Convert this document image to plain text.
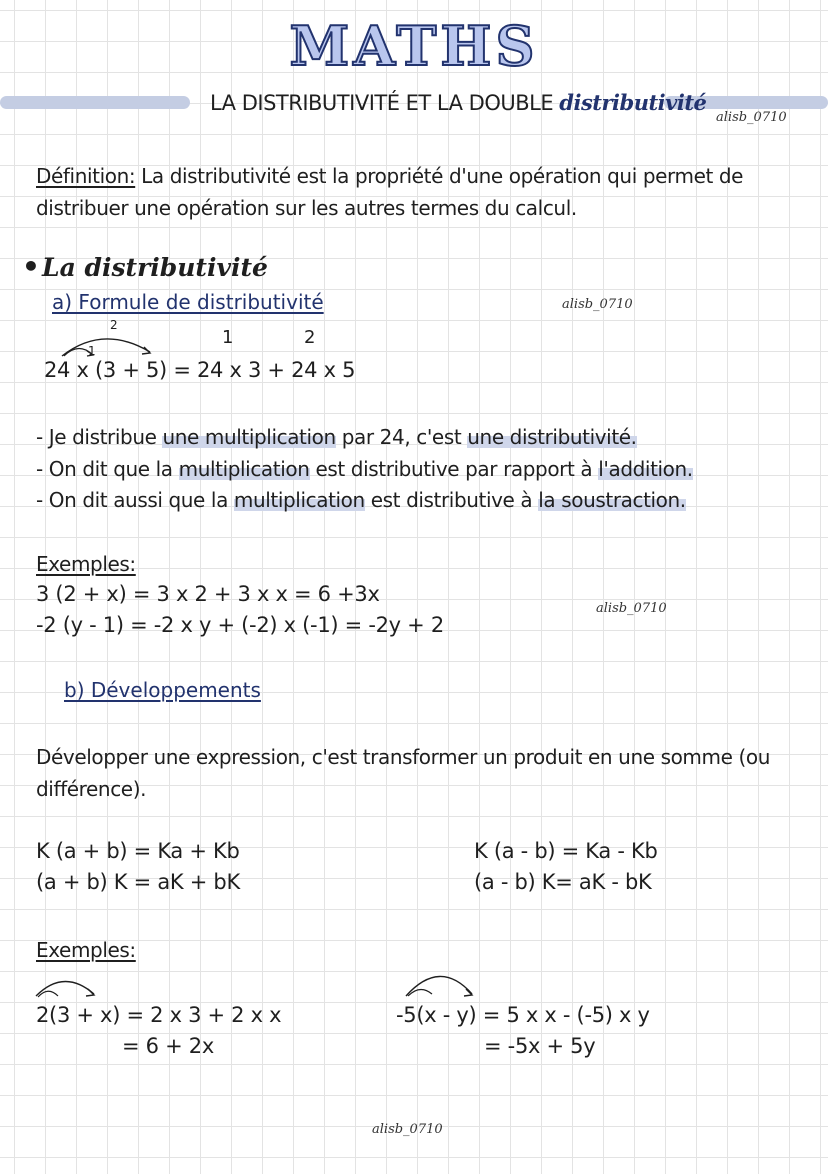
MATHS
LA DISTRIBUTIVITÉ ET LA DOUBLE distributivité
alisb_0710
Définition: La distributivité est la propriété d'une opération qui permet de
distribuer une opération sur les autres termes du calcul.
• La distributivité
a) Formule de distributivité	alisb_0710
2
1
1	2
24 x (3 + 5) = 24 x 3 + 24 x 5
- Je distribue une multiplication par 24, c'est une distributivité.
- On dit que la multiplication est distributive par rapport à l'addition.
- On dit aussi que la multiplication est distributive à la soustraction.
Exemples:
3 (2 + x) = 3 x 2 + 3 x x = 6 +3x
alisb_0710
-2 (y - 1) = -2 x y + (-2) x (-1) = -2y + 2
b) Développements
Développer une expression, c'est transformer un produit en une somme (ou
différence).
K (a + b) = Ka + Kb
(a + b) K = aK + bK
K (a - b) = Ka - Kb
(a - b) K= aK - bK
Exemples:
2(3 + x) = 2 x 3 + 2 x x
= 6 + 2x
-5(x - y) = 5 x x - (-5) x y
= -5x + 5y
alisb_0710
